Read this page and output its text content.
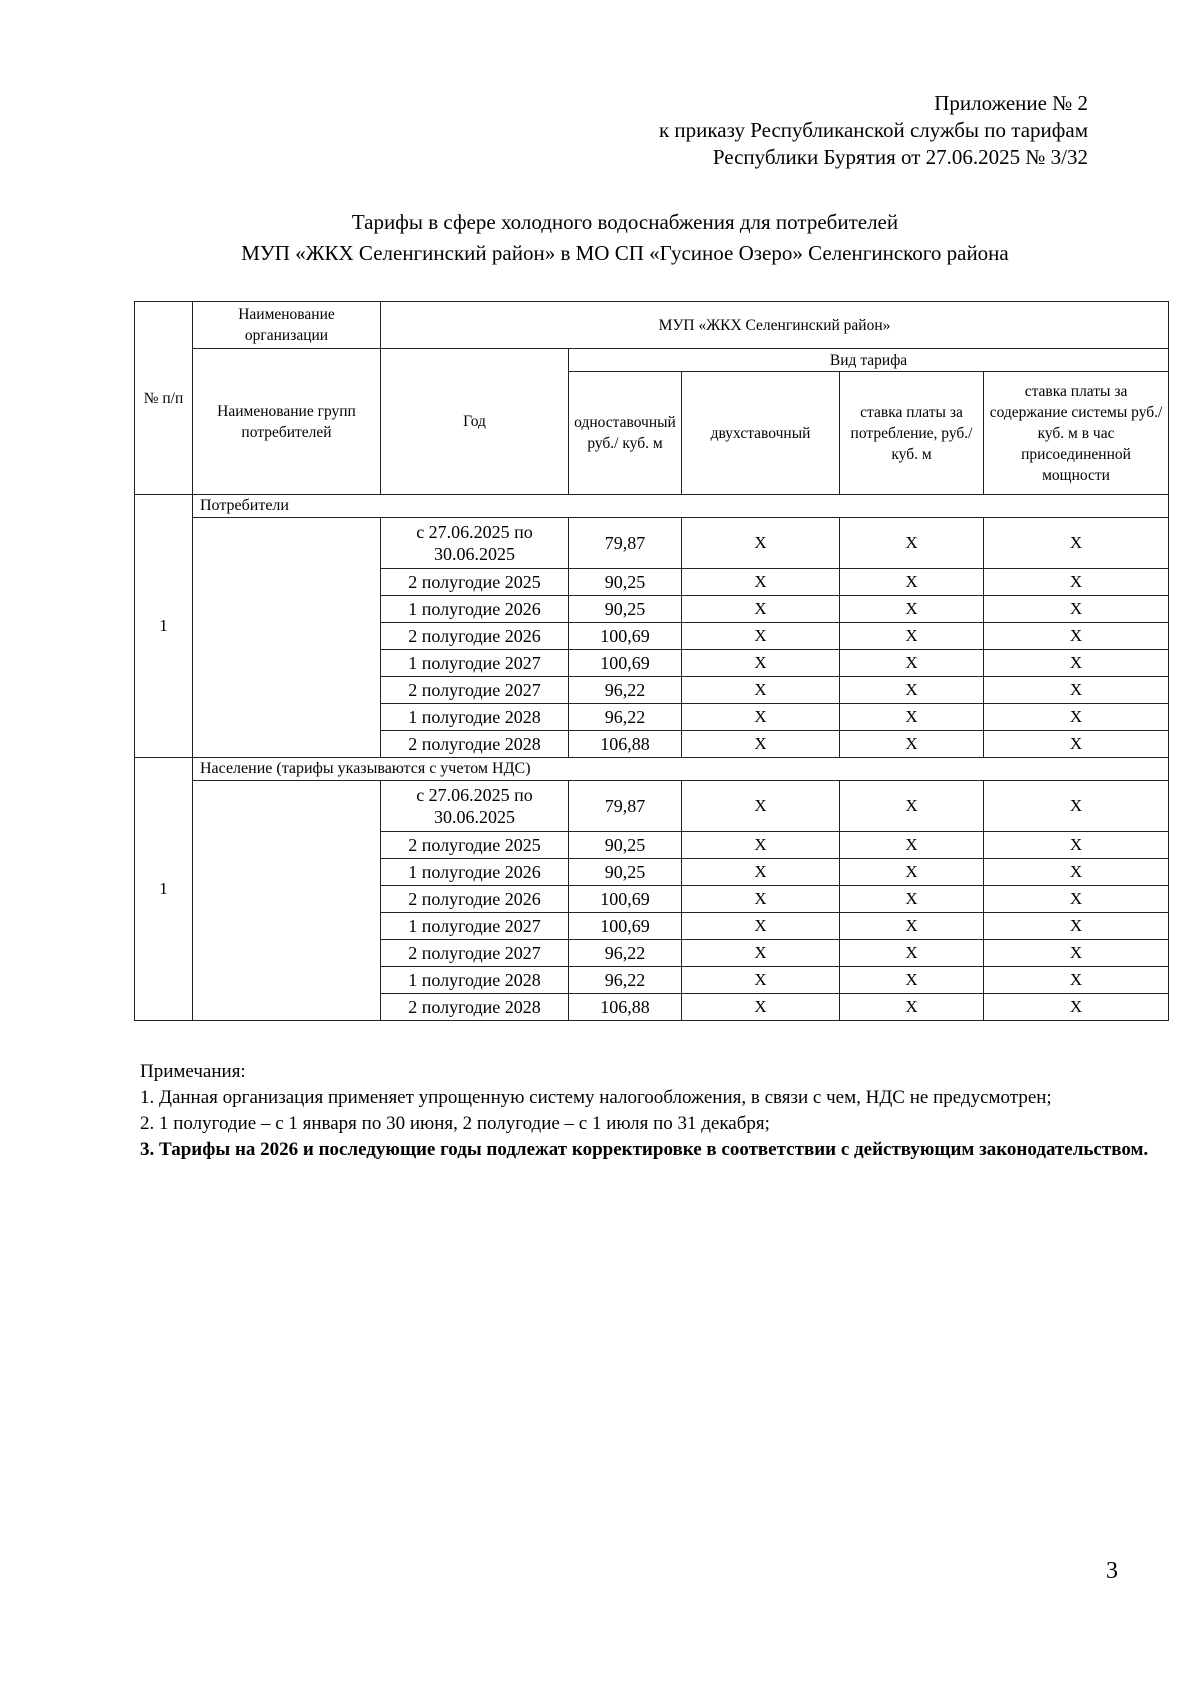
Приложение № 2
к приказу Республиканской службы по тарифам
Республики Бурятия от 27.06.2025 № 3/32
Тарифы в сфере холодного водоснабжения для потребителей
МУП «ЖКХ Селенгинский район» в МО СП «Гусиное Озеро» Селенгинского района
№ п/п	Наименование организации	МУП «ЖКХ Селенгинский район»				
	Наименование групп потребителей	Год	Вид тарифа			
			одноставочный руб./ куб. м	двухставочный	ставка платы за потребление, руб./ куб. м	ставка платы за содержание системы руб./куб. м в час присоединенной мощности
1	Потребители					
		с 27.06.2025 по 30.06.2025	79,87	Х	Х	Х
		2 полугодие 2025	90,25	Х	Х	Х
		1 полугодие 2026	90,25	Х	Х	Х
		2 полугодие 2026	100,69	Х	Х	Х
		1 полугодие 2027	100,69	Х	Х	Х
		2 полугодие 2027	96,22	Х	Х	Х
		1 полугодие 2028	96,22	Х	Х	Х
		2 полугодие 2028	106,88	Х	Х	Х
1	Население (тарифы указываются с учетом НДС)					
		с 27.06.2025 по 30.06.2025	79,87	Х	Х	Х
		2 полугодие 2025	90,25	Х	Х	Х
		1 полугодие 2026	90,25	Х	Х	Х
		2 полугодие 2026	100,69	Х	Х	Х
		1 полугодие 2027	100,69	Х	Х	Х
		2 полугодие 2027	96,22	Х	Х	Х
		1 полугодие 2028	96,22	Х	Х	Х
		2 полугодие 2028	106,88	Х	Х	Х

Примечания:

1. Данная организация применяет упрощенную систему налогообложения, в связи с чем, НДС не предусмотрен;

2. 1 полугодие – с 1 января по 30 июня, 2 полугодие – с 1 июля по 31 декабря;

3. Тарифы на 2026 и последующие годы подлежат корректировке в соответствии с действующим законодательством.

3
